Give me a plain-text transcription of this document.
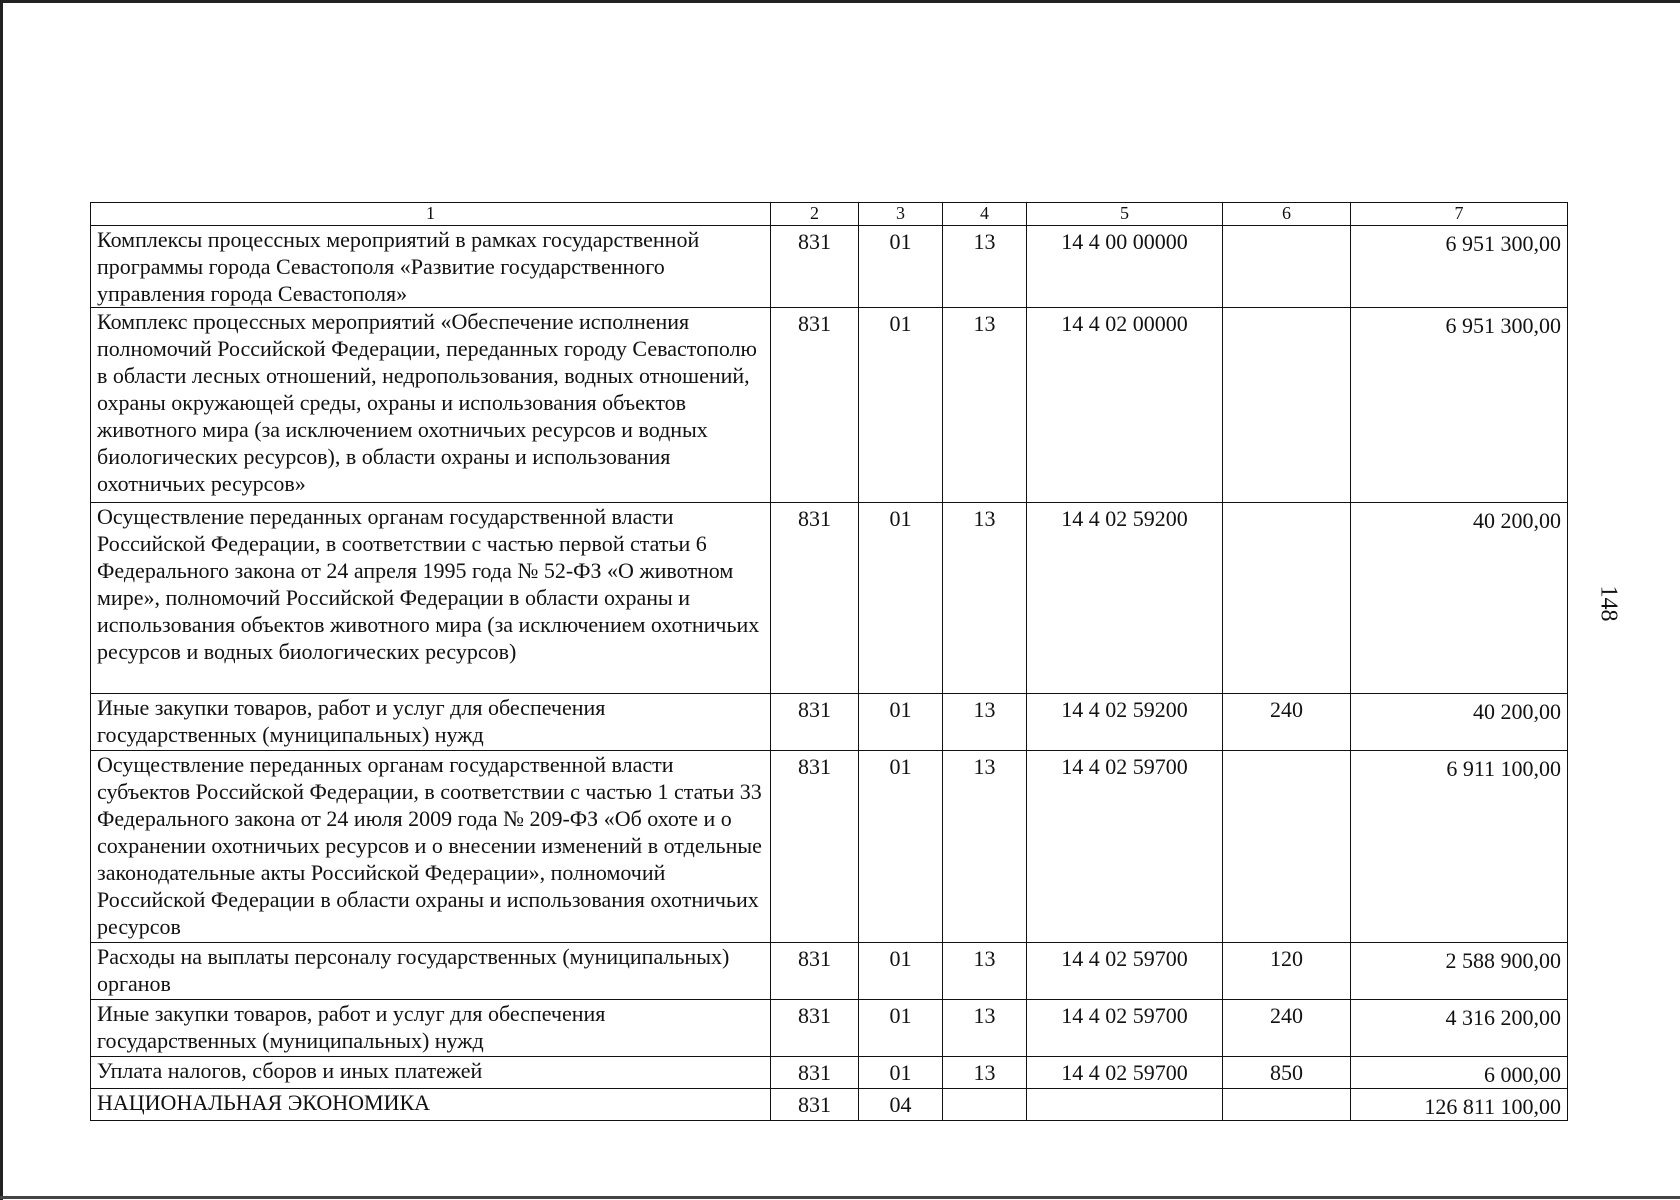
148
1	2	3	4	5	6	7
Комплексы процессных мероприятий в рамках государственной программы города Севастополя «Развитие государственного управления города Севастополя»	831	01	13	14 4 00 00000		6 951 300,00
Комплекс процессных мероприятий «Обеспечение исполнения полномочий Российской Федерации, переданных городу Севастополю в области лесных отношений, недропользования, водных отношений, охраны окружающей среды, охраны и использования объектов животного мира (за исключением охотничьих ресурсов и водных биологических ресурсов), в области охраны и использования охотничьих ресурсов»	831	01	13	14 4 02 00000		6 951 300,00
Осуществление переданных органам государственной власти Российской Федерации, в соответствии с частью первой статьи 6 Федерального закона от 24 апреля 1995 года № 52-ФЗ «О животном мире», полномочий Российской Федерации в области охраны и использования объектов животного мира (за исключением охотничьих ресурсов и водных биологических ресурсов)	831	01	13	14 4 02 59200		40 200,00
Иные закупки товаров, работ и услуг для обеспечения государственных (муниципальных) нужд	831	01	13	14 4 02 59200	240	40 200,00
Осуществление переданных органам государственной власти субъектов Российской Федерации, в соответствии с частью 1 статьи 33 Федерального закона от 24 июля 2009 года № 209-ФЗ «Об охоте и о сохранении охотничьих ресурсов и о внесении изменений в отдельные законодательные акты Российской Федерации», полномочий Российской Федерации в области охраны и использования охотничьих ресурсов	831	01	13	14 4 02 59700		6 911 100,00
Расходы на выплаты персоналу государственных (муниципальных) органов	831	01	13	14 4 02 59700	120	2 588 900,00
Иные закупки товаров, работ и услуг для обеспечения государственных (муниципальных) нужд	831	01	13	14 4 02 59700	240	4 316 200,00
Уплата налогов, сборов и иных платежей	831	01	13	14 4 02 59700	850	6 000,00
НАЦИОНАЛЬНАЯ ЭКОНОМИКА	831	04				126 811 100,00
